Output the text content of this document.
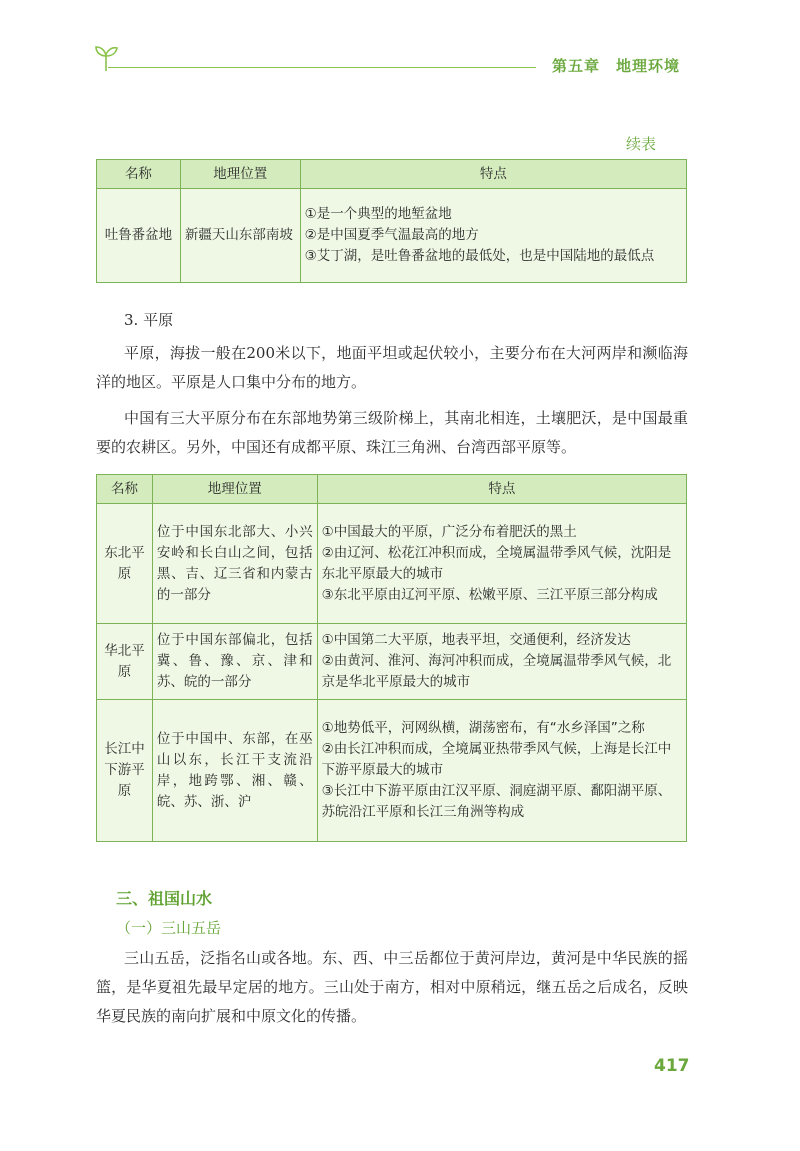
第五章　地理环境
续表
名称	地理位置	特点
吐鲁番盆地	新疆天山东部南坡	①是一个典型的地堑盆地
②是中国夏季气温最高的地方
③艾丁湖，是吐鲁番盆地的最低处，也是中国陆地的最低点
3. 平原
平原，海拔一般在200米以下，地面平坦或起伏较小，主要分布在大河两岸和濒临海洋的地区。平原是人口集中分布的地方。
中国有三大平原分布在东部地势第三级阶梯上，其南北相连，土壤肥沃，是中国最重要的农耕区。另外，中国还有成都平原、珠江三角洲、台湾西部平原等。
名称	地理位置	特点
东北平原	位于中国东北部大、小兴安岭和长白山之间，包括黑、吉、辽三省和内蒙古的一部分	①中国最大的平原，广泛分布着肥沃的黑土
②由辽河、松花江冲积而成，全境属温带季风气候，沈阳是东北平原最大的城市
③东北平原由辽河平原、松嫩平原、三江平原三部分构成

华北平原	位于中国东部偏北，包括冀、鲁、豫、京、津和苏、皖的一部分	①中国第二大平原，地表平坦，交通便利，经济发达
②由黄河、淮河、海河冲积而成，全境属温带季风气候，北京是华北平原最大的城市

长江中下游平原	位于中国中、东部，在巫山以东，长江干支流沿岸，地跨鄂、湘、赣、皖、苏、浙、沪	①地势低平，河网纵横，湖荡密布，有“水乡泽国”之称
②由长江冲积而成，全境属亚热带季风气候，上海是长江中下游平原最大的城市
③长江中下游平原由江汉平原、洞庭湖平原、鄱阳湖平原、苏皖沿江平原和长江三角洲等构成
三、祖国山水
（一）三山五岳
三山五岳，泛指名山或各地。东、西、中三岳都位于黄河岸边，黄河是中华民族的摇篮，是华夏祖先最早定居的地方。三山处于南方，相对中原稍远，继五岳之后成名，反映华夏民族的南向扩展和中原文化的传播。
417
